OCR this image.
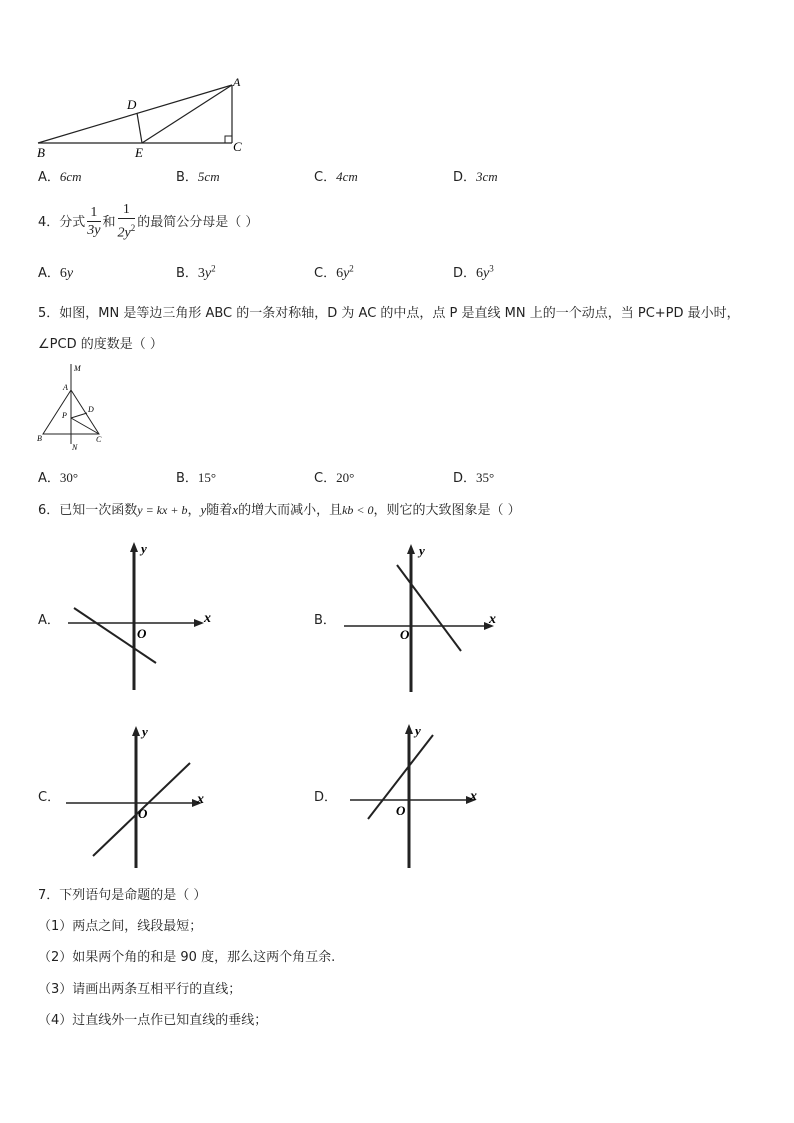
A
D
B	E	C
A．6cm	B．5cm	C．4cm	D．3cm
4．分式 $\frac{1}{3y}$ 和 $\frac{1}{2y^2}$ 的最简公分母是（ ）
A．6y	B．$3y^2$	C．$6y^2$	D．$6y^3$
5．如图，MN 是等边三角形 ABC 的一条对称轴，D 为 AC 的中点，点 P 是直线 MN 上的一个动点，当 PC+PD 最小时，
∠PCD 的度数是（ ）
M
A
P
D
B	C
N
A．30°	B．15°	C．20°	D．35°
6．已知一次函数y = kx + b，y随着x的增大而减小，且kb < 0，则它的大致图象是（ ）
A．
y
x
O
B．
y
x
O
C．
y
x
O
D．
y
x
O
7．下列语句是命题的是（ ）
（1）两点之间，线段最短；
（2）如果两个角的和是 90 度，那么这两个角互余.
（3）请画出两条互相平行的直线；
（4）过直线外一点作已知直线的垂线；
